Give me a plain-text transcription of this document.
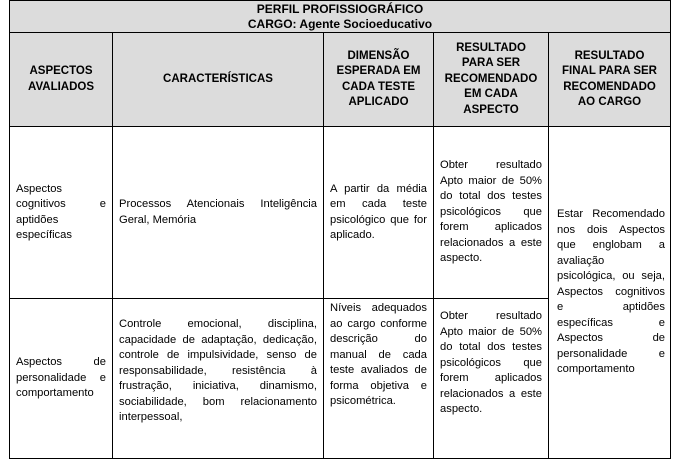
PERFIL PROFISSIOGRÁFICO
CARGO: Agente Socioeducativo				

ASPECTOS AVALIADOS	CARACTERÍSTICAS	DIMENSÃO ESPERADA EM CADA TESTE APLICADO	RESULTADO PARA SER RECOMENDADO EM CADA ASPECTO	RESULTADO FINAL PARA SER RECOMENDADO AO CARGO
Aspectos cognitivos e aptidões específicas	Processos Atencionais Inteligência Geral, Memória	A partir da média em cada teste psicológico que for aplicado.	Obter resultado Apto maior de 50% do total dos testes psicológicos que forem aplicados relacionados a este aspecto.	Estar Recomendado nos dois Aspectos que englobam a avaliação psicológica, ou seja, Aspectos cognitivos e aptidões específicas e Aspectos de personalidade e comportamento

Aspectos de personalidade e comportamento	Controle emocional, disciplina, capacidade de adaptação, dedicação, controle de impulsividade, senso de responsabilidade, resistência à frustração, iniciativa, dinamismo, sociabilidade, bom relacionamento interpessoal,	Níveis adequados ao cargo conforme descrição do manual de cada teste avaliados de forma objetiva e psicométrica.	Obter resultado Apto maior de 50% do total dos testes psicológicos que forem aplicados relacionados a este aspecto.	
